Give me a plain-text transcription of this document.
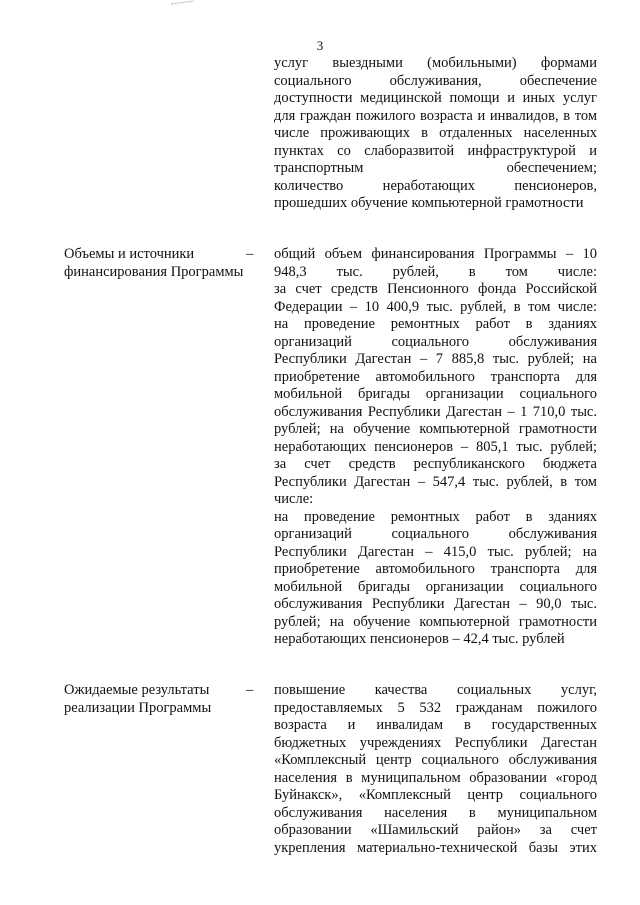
3

услуг выездными (мобильными) формами социального обслуживания, обеспечение доступности медицинской помощи и иных услуг для граждан пожилого возраста и инвалидов, в том числе проживающих в отдаленных населенных пунктах со слаборазвитой инфраструктурой и транспортным обеспечением;

количество неработающих пенсионеров, прошедших обучение компьютерной грамотности

Объемы и источники финансирования Программы
– общий объем финансирования Программы – 10 948,3 тыс. рублей, в том числе:

за счет средств Пенсионного фонда Российской Федерации – 10 400,9 тыс. рублей, в том числе:

на проведение ремонтных работ в зданиях организаций социального обслуживания Республики Дагестан – 7 885,8 тыс. рублей; на приобретение автомобильного транспорта для мобильной бригады организации социального обслуживания Республики Дагестан – 1 710,0 тыс. рублей; на обучение компьютерной грамотности неработающих пенсионеров – 805,1 тыс. рублей;

за счет средств республиканского бюджета Республики Дагестан – 547,4 тыс. рублей, в том числе:

на проведение ремонтных работ в зданиях организаций социального обслуживания Республики Дагестан – 415,0 тыс. рублей; на приобретение автомобильного транспорта для мобильной бригады организации социального обслуживания Республики Дагестан – 90,0 тыс. рублей; на обучение компьютерной грамотности неработающих пенсионеров – 42,4 тыс. рублей

Ожидаемые результаты реализации Программы
– повышение качества социальных услуг, предоставляемых 5 532 гражданам пожилого возраста и инвалидам в государственных бюджетных учреждениях Республики Дагестан «Комплексный центр социального обслуживания населения в муниципальном образовании «город Буйнакск», «Комплексный центр социального обслуживания населения в муниципальном образовании «Шамильский район» за счет укрепления материально-технической базы этих
